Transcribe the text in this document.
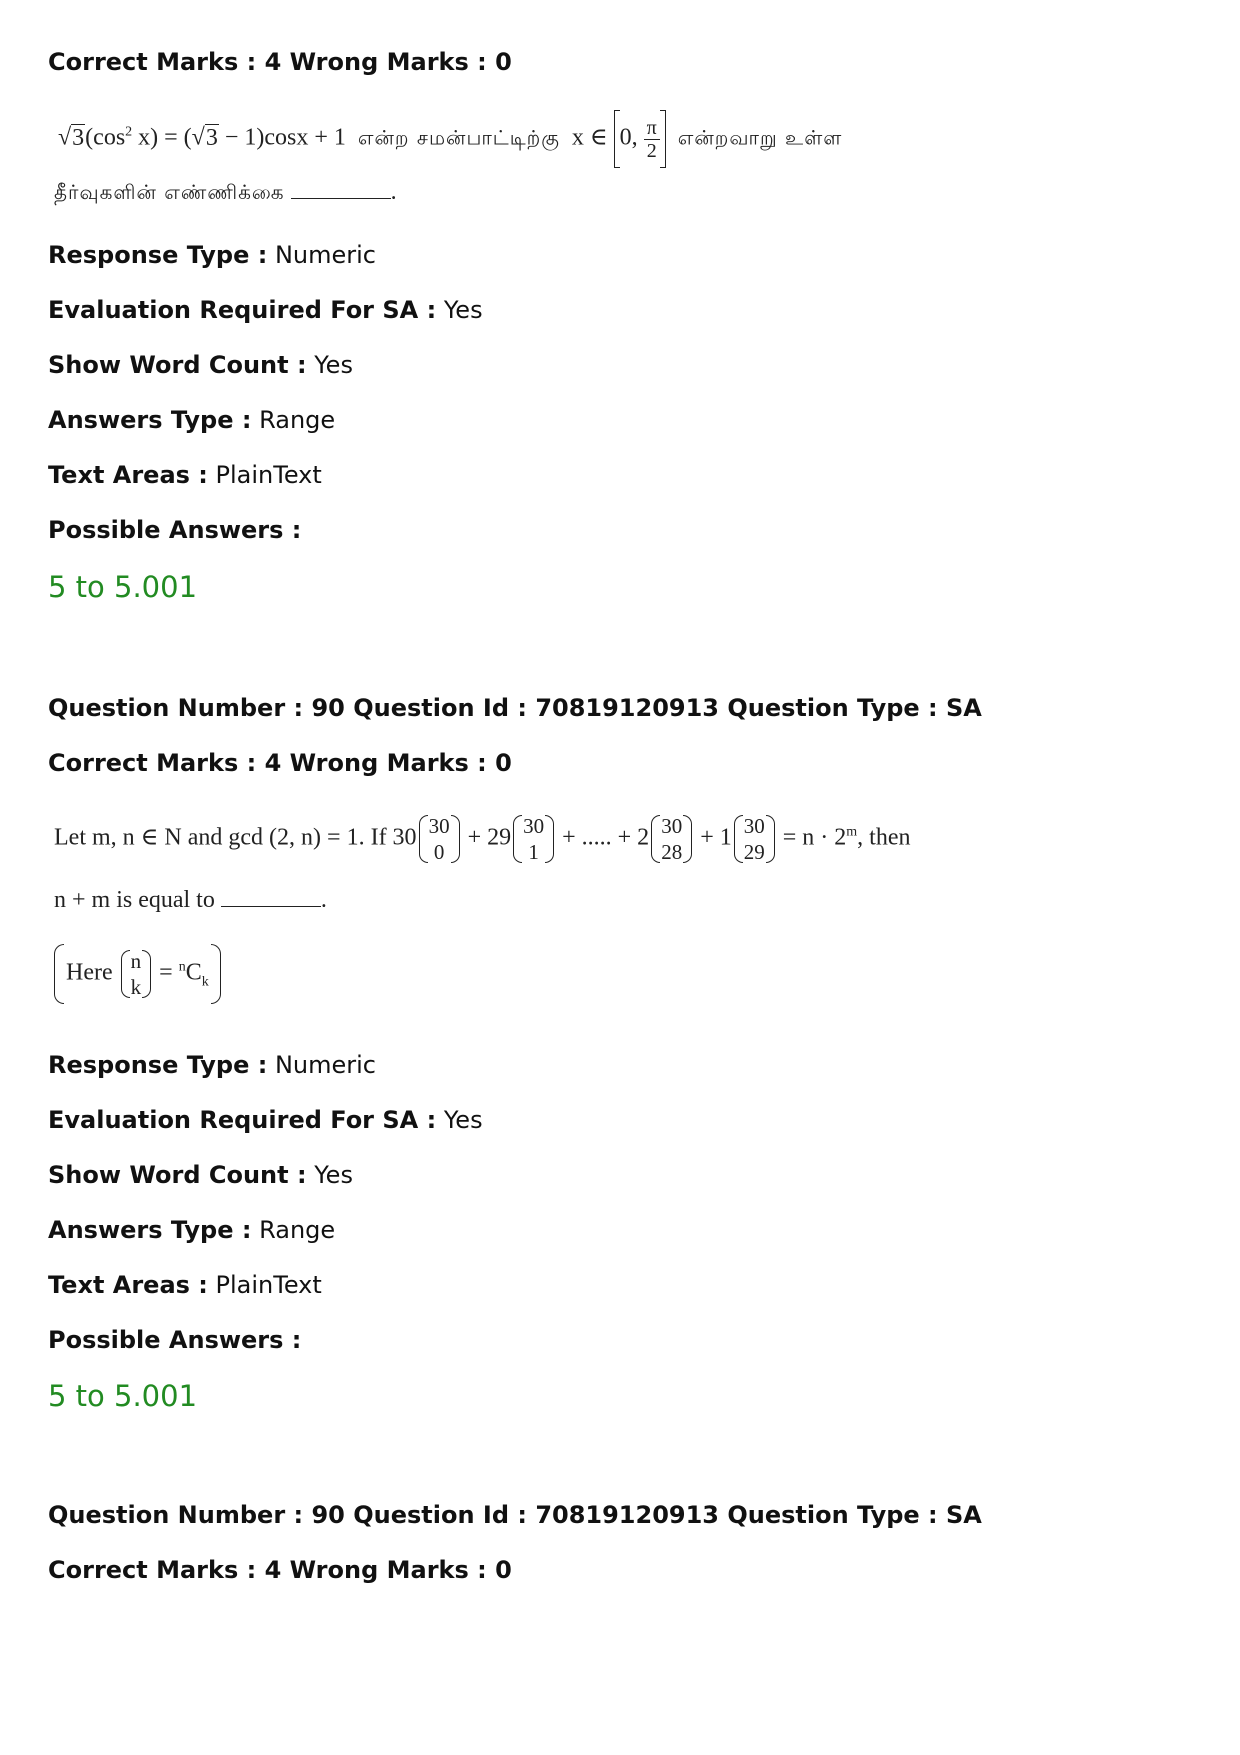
Correct Marks : 4 Wrong Marks : 0
$√3(\cos^2$ x) = (√3 − 1)cosx + 1 என்ற சமன்பாட்டிற்கு x ∈ 0, $\frac{\pi}{2}$ என்றவாறு உள்ள
தீர்வுகளின் எண்ணிக்கை	.
Response Type : Numeric
Evaluation Required For SA : Yes
Show Word Count : Yes
Answers Type : Range
Text Areas : PlainText
Possible Answers :
5 to 5.001
Question Number : 90 Question Id : 70819120913 Question Type : SA
Correct Marks : 4 Wrong Marks : 0
Let m, n ∈ N and gcd (2, n) = 1. If 30 30
0
+ 29 30
1
+ ..... + 2 30
28
+ 1 30
29
= $n \cdot 2^m$, then
n + m is equal to	.
Here n
k
= $^nC_k$
Response Type : Numeric
Evaluation Required For SA : Yes
Show Word Count : Yes
Answers Type : Range
Text Areas : PlainText
Possible Answers :
5 to 5.001
Question Number : 90 Question Id : 70819120913 Question Type : SA
Correct Marks : 4 Wrong Marks : 0
